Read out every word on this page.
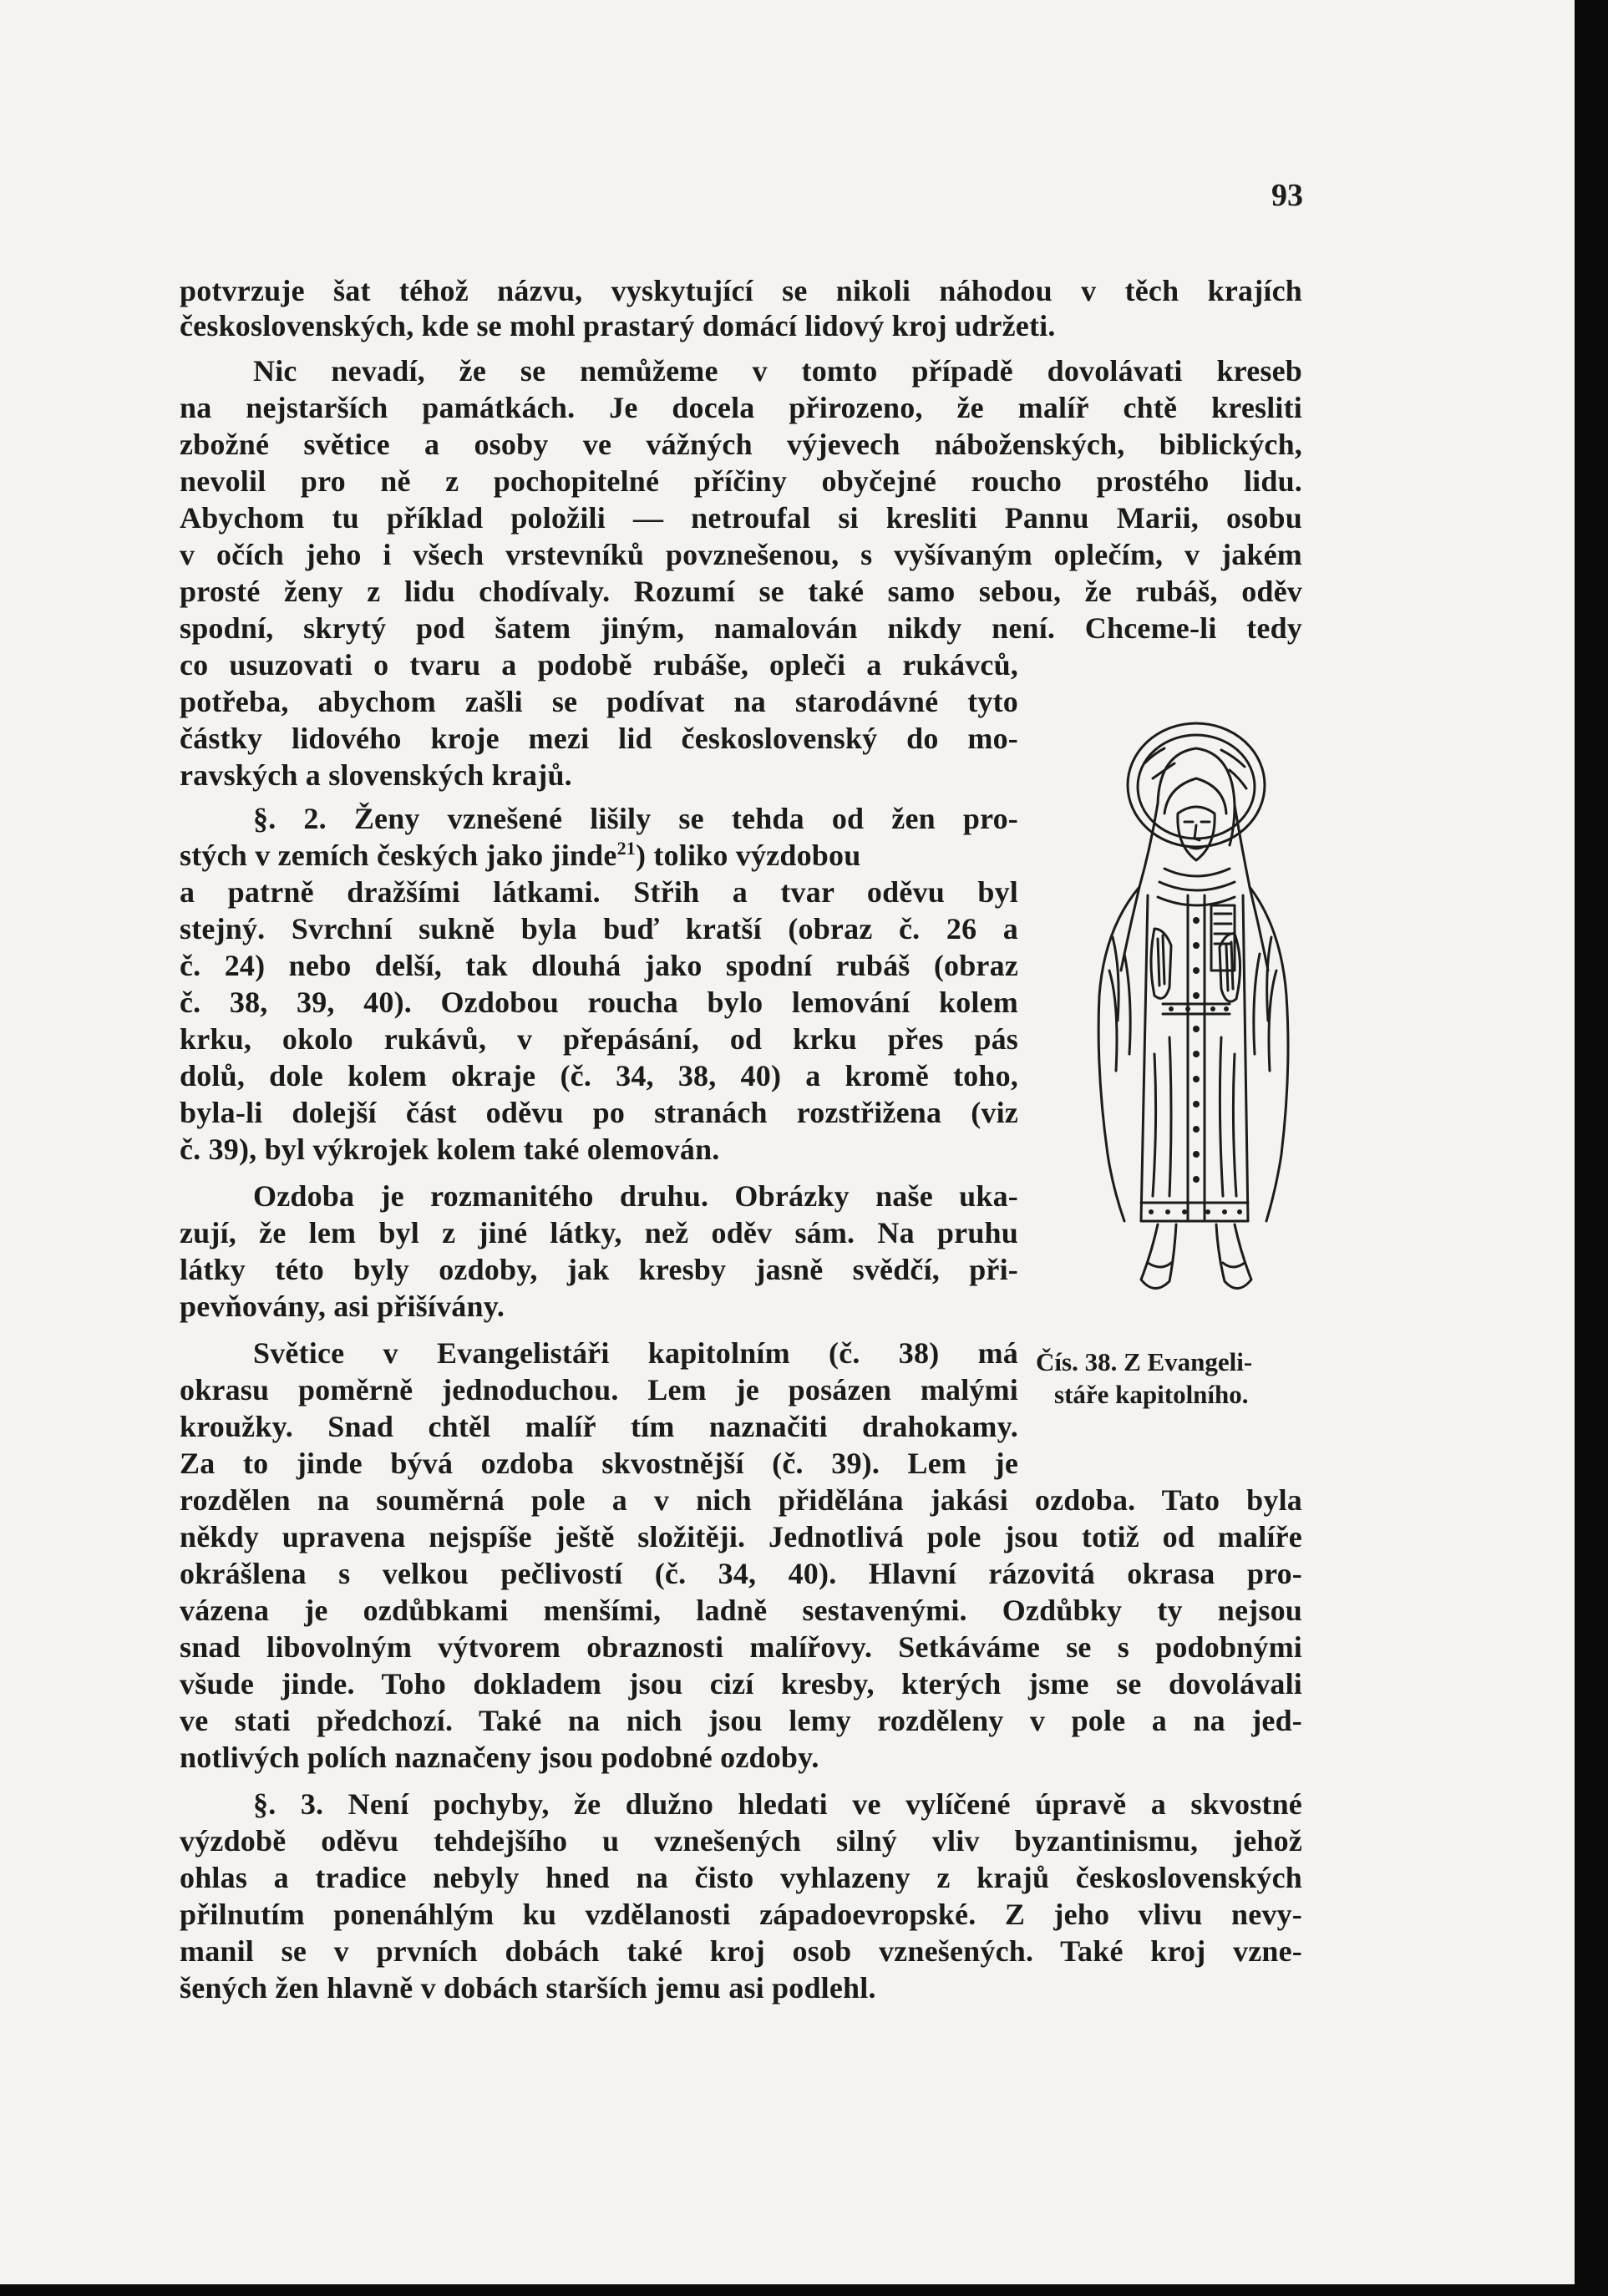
93
potvrzuje šat téhož názvu, vyskytující se nikoli náhodou v těch krajích
československých, kde se mohl prastarý domácí lidový kroj udržeti.
Nic nevadí, že se nemůžeme v tomto případě dovolávati kreseb
na nejstarších památkách. Je docela přirozeno, že malíř chtě kresliti
zbožné světice a osoby ve vážných výjevech náboženských, biblických,
nevolil pro ně z pochopitelné příčiny obyčejné roucho prostého lidu.
Abychom tu příklad položili — netroufal si kresliti Pannu Marii, osobu
v očích jeho i všech vrstevníků povznešenou, s vyšívaným oplečím, v jakém
prosté ženy z lidu chodívaly. Rozumí se také samo sebou, že rubáš, oděv
spodní, skrytý pod šatem jiným, namalován nikdy není. Chceme-li tedy
co usuzovati o tvaru a podobě rubáše, opleči a rukávců,
potřeba, abychom zašli se podívat na starodávné tyto
částky lidového kroje mezi lid československý do mo-
ravských a slovenských krajů.
§. 2. Ženy vznešené lišily se tehda od žen pro-
stých v zemích českých jako jinde$^{21}$) toliko výzdobou
a patrně dražšími látkami. Střih a tvar oděvu byl
stejný. Svrchní sukně byla buď kratší (obraz č. 26 a
č. 24) nebo delší, tak dlouhá jako spodní rubáš (obraz
č. 38, 39, 40). Ozdobou roucha bylo lemování kolem
krku, okolo rukávů, v přepásání, od krku přes pás
dolů, dole kolem okraje (č. 34, 38, 40) a kromě toho,
byla-li dolejší část oděvu po stranách rozstřižena (viz
č. 39), byl výkrojek kolem také olemován.
Ozdoba je rozmanitého druhu. Obrázky naše uka-
zují, že lem byl z jiné látky, než oděv sám. Na pruhu
látky této byly ozdoby, jak kresby jasně svědčí, při-
pevňovány, asi přišívány.
Světice v Evangelistáři kapitolním (č. 38) má
okrasu poměrně jednoduchou. Lem je posázen malými
kroužky. Snad chtěl malíř tím naznačiti drahokamy.
Za to jinde bývá ozdoba skvostnější (č. 39). Lem je
rozdělen na souměrná pole a v nich přidělána jakási ozdoba. Tato byla
někdy upravena nejspíše ještě složitěji. Jednotlivá pole jsou totiž od malíře
okrášlena s velkou pečlivostí (č. 34, 40). Hlavní rázovitá okrasa pro-
vázena je ozdůbkami menšími, ladně sestavenými. Ozdůbky ty nejsou
snad libovolným výtvorem obraznosti malířovy. Setkáváme se s podobnými
všude jinde. Toho dokladem jsou cizí kresby, kterých jsme se dovolávali
ve stati předchozí. Také na nich jsou lemy rozděleny v pole a na jed-
notlivých polích naznačeny jsou podobné ozdoby.
§. 3. Není pochyby, že dlužno hledati ve vylíčené úpravě a skvostné
výzdobě oděvu tehdejšího u vznešených silný vliv byzantinismu, jehož
ohlas a tradice nebyly hned na čisto vyhlazeny z krajů československých
přilnutím ponenáhlým ku vzdělanosti západoevropské. Z jeho vlivu nevy-
manil se v prvních dobách také kroj osob vznešených. Také kroj vzne-
šených žen hlavně v dobách starších jemu asi podlehl.
Čís. 38. Z Evangeli-
stáře kapitolního.
